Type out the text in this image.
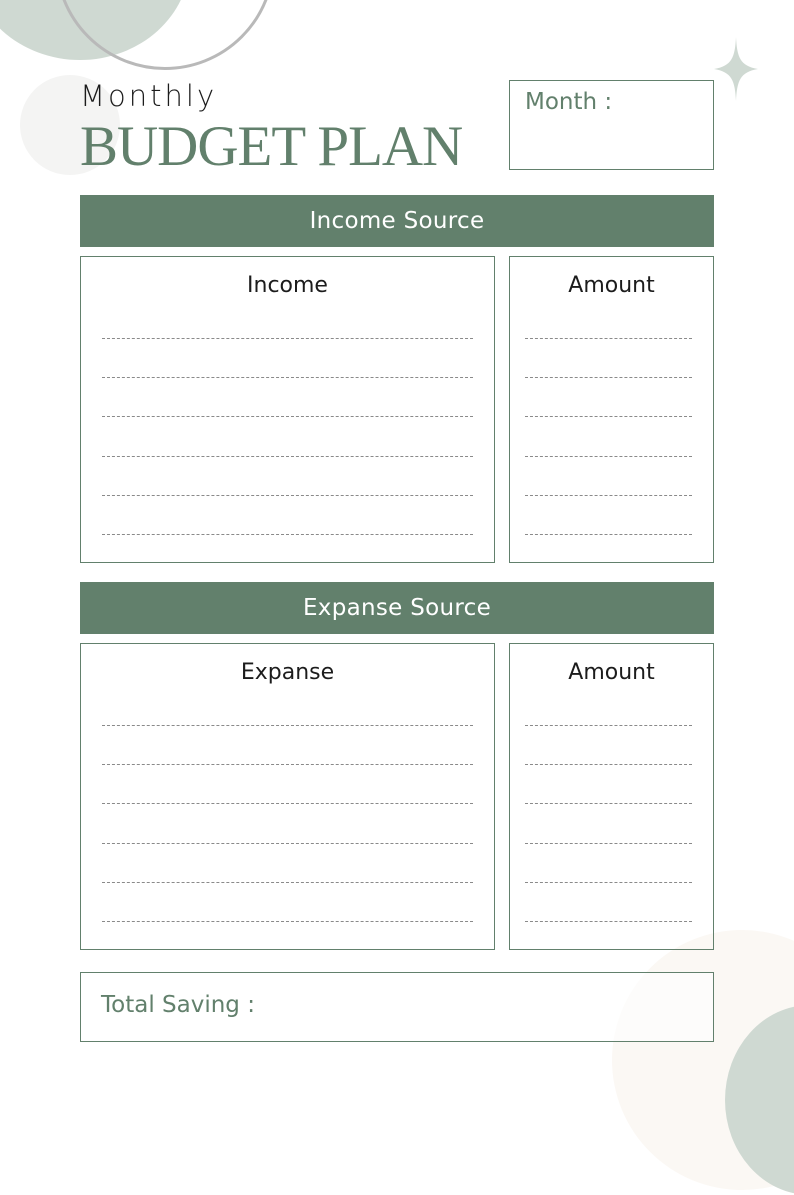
Monthly
BUDGET PLAN
Month :
Income Source
Income	Amount
Expanse Source
Expanse	Amount
Total Saving :
